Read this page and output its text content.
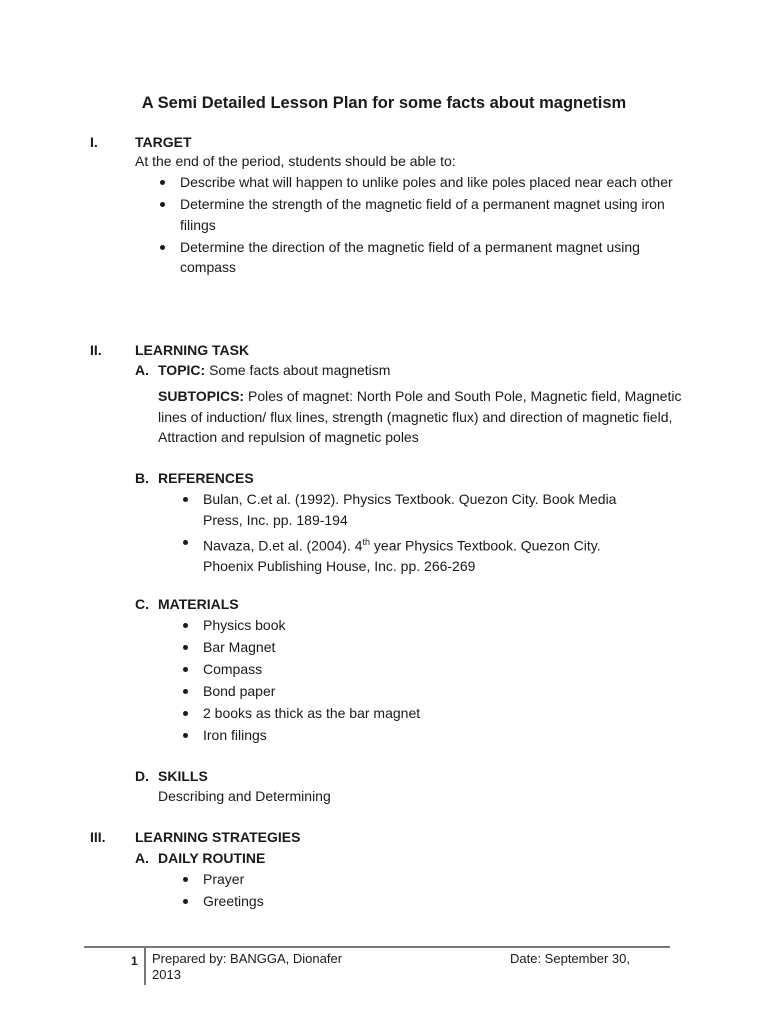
A Semi Detailed Lesson Plan for some facts about magnetism
I.	TARGET
At the end of the period, students should be able to:
Describe what will happen to unlike poles and like poles placed near each other
Determine the strength of the magnetic field of a permanent magnet using iron filings
Determine the direction of the magnetic field of a permanent magnet using compass
II. LEARNING TASK
A. TOPIC: Some facts about magnetism
SUBTOPICS: Poles of magnet: North Pole and South Pole, Magnetic field, Magnetic lines of induction/ flux lines, strength (magnetic flux) and direction of magnetic field, Attraction and repulsion of magnetic poles
B. REFERENCES
Bulan, C.et al. (1992). Physics Textbook. Quezon City. Book Media Press, Inc. pp. 189-194
Navaza, D.et al. (2004). 4th year Physics Textbook. Quezon City. Phoenix Publishing House, Inc. pp. 266-269
C. MATERIALS
Physics book
Bar Magnet
Compass
Bond paper
2 books as thick as the bar magnet
Iron filings
D. SKILLS
Describing and Determining
III. LEARNING STRATEGIES
A. DAILY ROUTINE
Prayer
Greetings
1 Prepared by: BANGGA, Dionafer
2013
Date: September 30,
